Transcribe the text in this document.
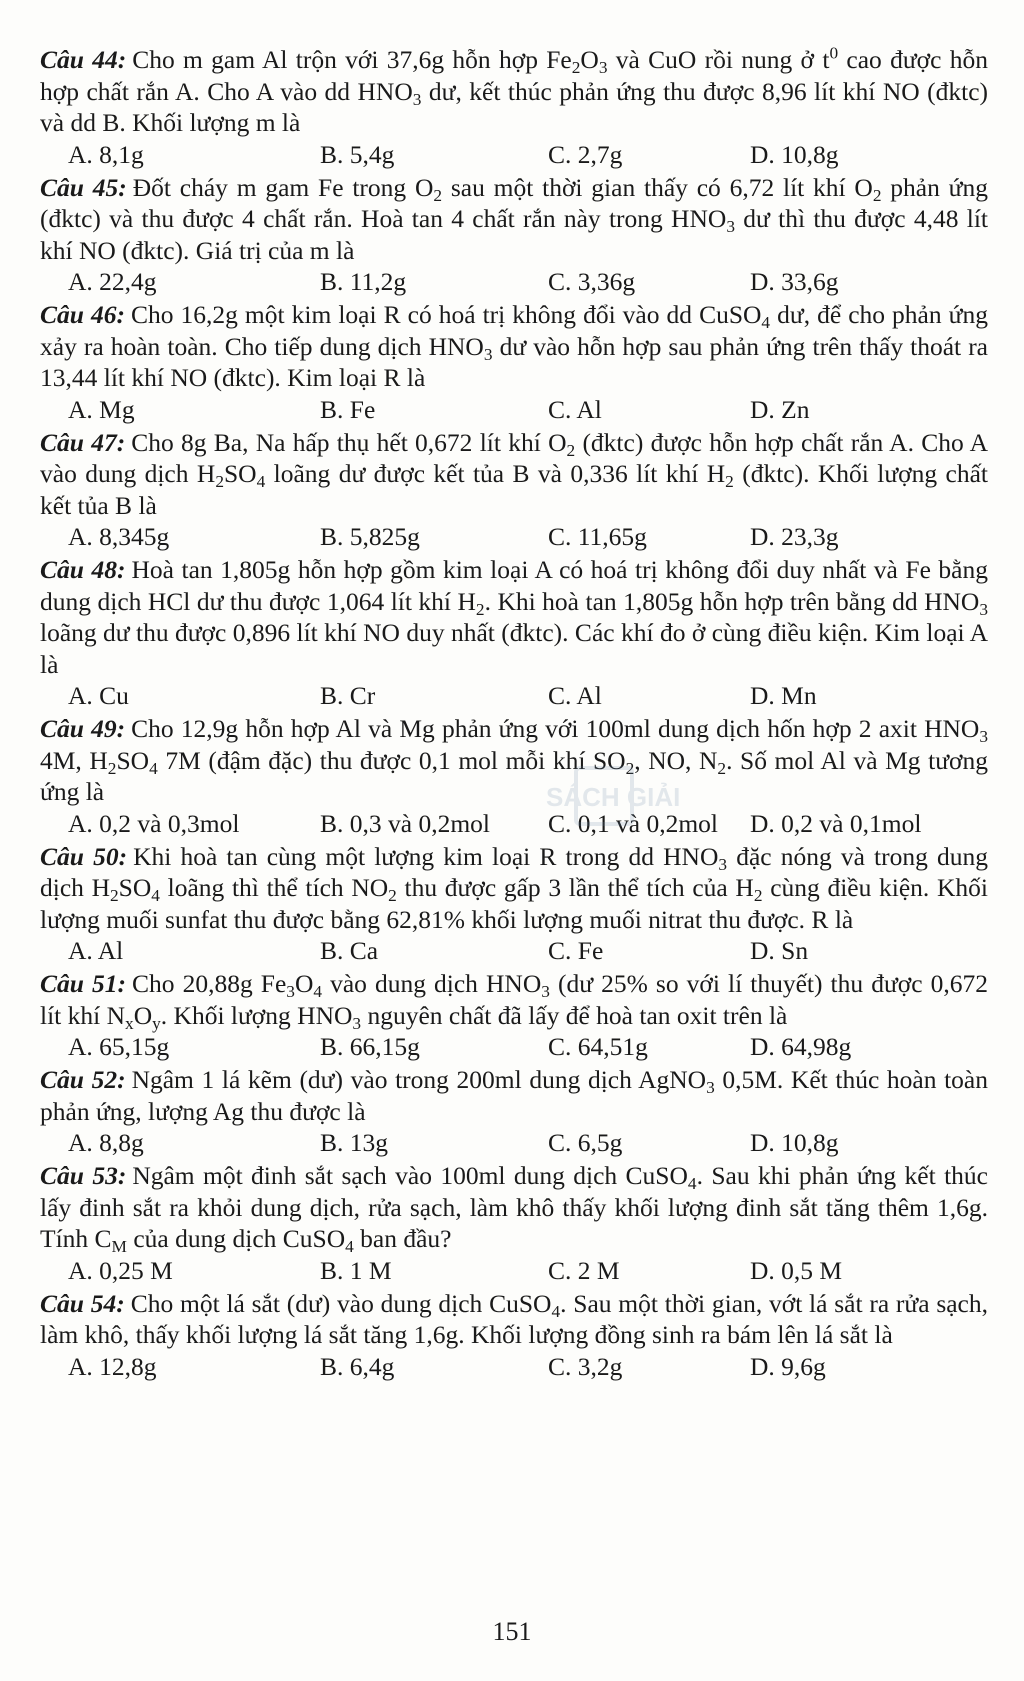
Câu 44: Cho m gam Al trộn với 37,6g hỗn hợp $Fe_2O_3$ và CuO rồi nung ở $t^0$ cao được hỗn hợp chất rắn A. Cho A vào dd $HNO_3$ dư, kết thúc phản ứng thu được 8,96 lít khí NO (đktc) và dd B. Khối lượng m là

A. 8,1g	B. 5,4g	C. 2,7g	D. 10,8g

Câu 45: Đốt cháy m gam Fe trong $O_2$ sau một thời gian thấy có 6,72 lít khí $O_2$ phản ứng (đktc) và thu được 4 chất rắn. Hoà tan 4 chất rắn này trong $HNO_3$ dư thì thu được 4,48 lít khí NO (đktc). Giá trị của m là

A. 22,4g	B. 11,2g	C. 3,36g	D. 33,6g

Câu 46: Cho 16,2g một kim loại R có hoá trị không đổi vào dd CuSO$_4$ dư, để cho phản ứng xảy ra hoàn toàn. Cho tiếp dung dịch $HNO_3$ dư vào hỗn hợp sau phản ứng trên thấy thoát ra 13,44 lít khí NO (đktc). Kim loại R là

A. Mg	B. Fe	C. Al	D. Zn

Câu 47: Cho 8g Ba, Na hấp thụ hết 0,672 lít khí $O_2$ (đktc) được hỗn hợp chất rắn A. Cho A vào dung dịch $H_2SO_4$ loãng dư được kết tủa B và 0,336 lít khí $H_2$ (đktc). Khối lượng chất kết tủa B là

A. 8,345g	B. 5,825g	C. 11,65g	D. 23,3g

Câu 48: Hoà tan 1,805g hỗn hợp gồm kim loại A có hoá trị không đổi duy nhất và Fe bằng dung dịch HCl dư thu được 1,064 lít khí $H_2$. Khi hoà tan 1,805g hỗn hợp trên bằng dd $HNO_3$ loãng dư thu được 0,896 lít khí NO duy nhất (đktc). Các khí đo ở cùng điều kiện. Kim loại A là

A. Cu	B. Cr	C. Al	D. Mn

Câu 49: Cho 12,9g hỗn hợp Al và Mg phản ứng với 100ml dung dịch hốn hợp 2 axit $HNO_3$ 4M, $H_2SO_4$ 7M (đậm đặc) thu được 0,1 mol mỗi khí $SO_2$, NO, $N_2$. Số mol Al và Mg tương ứng là

A. 0,2 và 0,3mol	B. 0,3 và 0,2mol	C. 0,1 và 0,2mol	D. 0,2 và 0,1mol

Câu 50: Khi hoà tan cùng một lượng kim loại R trong dd $HNO_3$ đặc nóng và trong dung dịch $H_2SO_4$ loãng thì thể tích $NO_2$ thu được gấp 3 lần thể tích của $H_2$ cùng điều kiện. Khối lượng muối sunfat thu được bằng 62,81% khối lượng muối nitrat thu được. R là

A. Al	B. Ca	C. Fe	D. Sn

Câu 51: Cho 20,88g $Fe_3O_4$ vào dung dịch $HNO_3$ (dư 25% so với lí thuyết) thu được 0,672 lít khí $N_xO_y$. Khối lượng $HNO_3$ nguyên chất đã lấy để hoà tan oxit trên là

A. 65,15g	B. 66,15g	C. 64,51g	D. 64,98g

Câu 52: Ngâm 1 lá kẽm (dư) vào trong 200ml dung dịch AgNO$_3$ 0,5M. Kết thúc hoàn toàn phản ứng, lượng Ag thu được là

A. 8,8g	B. 13g	C. 6,5g	D. 10,8g

Câu 53: Ngâm một đinh sắt sạch vào 100ml dung dịch CuSO$_4$. Sau khi phản ứng kết thúc lấy đinh sắt ra khỏi dung dịch, rửa sạch, làm khô thấy khối lượng đinh sắt tăng thêm 1,6g. Tính $C_M$ của dung dịch CuSO$_4$ ban đầu?

A. 0,25 M	B. 1 M	C. 2 M	D. 0,5 M

Câu 54: Cho một lá sắt (dư) vào dung dịch CuSO$_4$. Sau một thời gian, vớt lá sắt ra rửa sạch, làm khô, thấy khối lượng lá sắt tăng 1,6g. Khối lượng đồng sinh ra bám lên lá sắt là

A. 12,8g	B. 6,4g	C. 3,2g	D. 9,6g
SÁCH GIẢI
151
